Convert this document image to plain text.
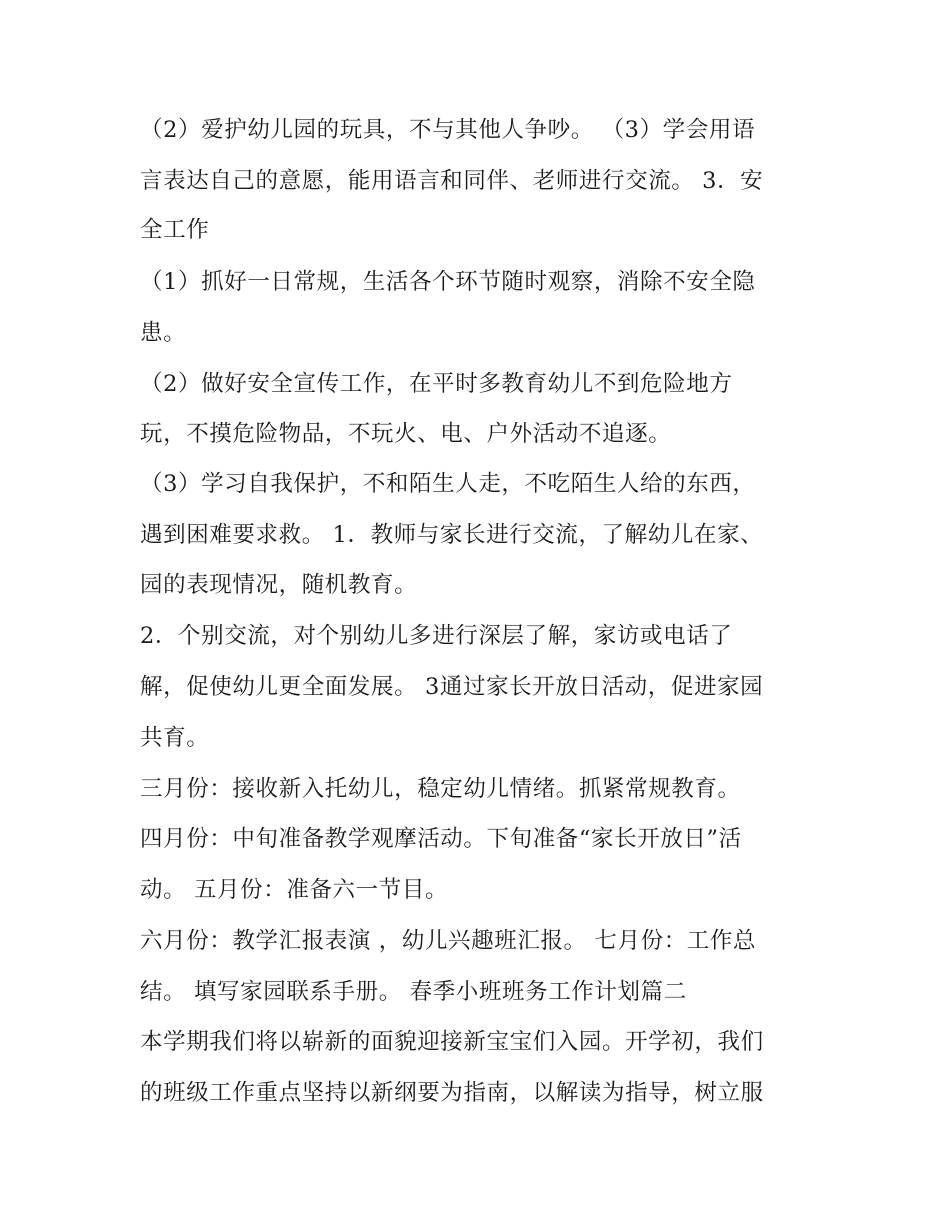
（2）爱护幼儿园的玩具，不与其他人争吵。 （3）学会用语
言表达自己的意愿，能用语言和同伴、老师进行交流。 3．安
全工作
（1）抓好一日常规，生活各个环节随时观察，消除不安全隐
患。
（2）做好安全宣传工作，在平时多教育幼儿不到危险地方
玩，不摸危险物品，不玩火、电、户外活动不追逐。
（3）学习自我保护，不和陌生人走，不吃陌生人给的东西，
遇到困难要求救。 1．教师与家长进行交流，了解幼儿在家、
园的表现情况，随机教育。
2．个别交流，对个别幼儿多进行深层了解，家访或电话了
解，促使幼儿更全面发展。 3通过家长开放日活动，促进家园
共育。
三月份：接收新入托幼儿，稳定幼儿情绪。抓紧常规教育。
四月份：中旬准备教学观摩活动。下旬准备“家长开放日”活
动。 五月份：准备六一节目。
六月份：教学汇报表演 ，幼儿兴趣班汇报。 七月份：工作总
结。 填写家园联系手册。 春季小班班务工作计划篇二
本学期我们将以崭新的面貌迎接新宝宝们入园。开学初，我们
的班级工作重点坚持以新纲要为指南，以解读为指导，树立服
